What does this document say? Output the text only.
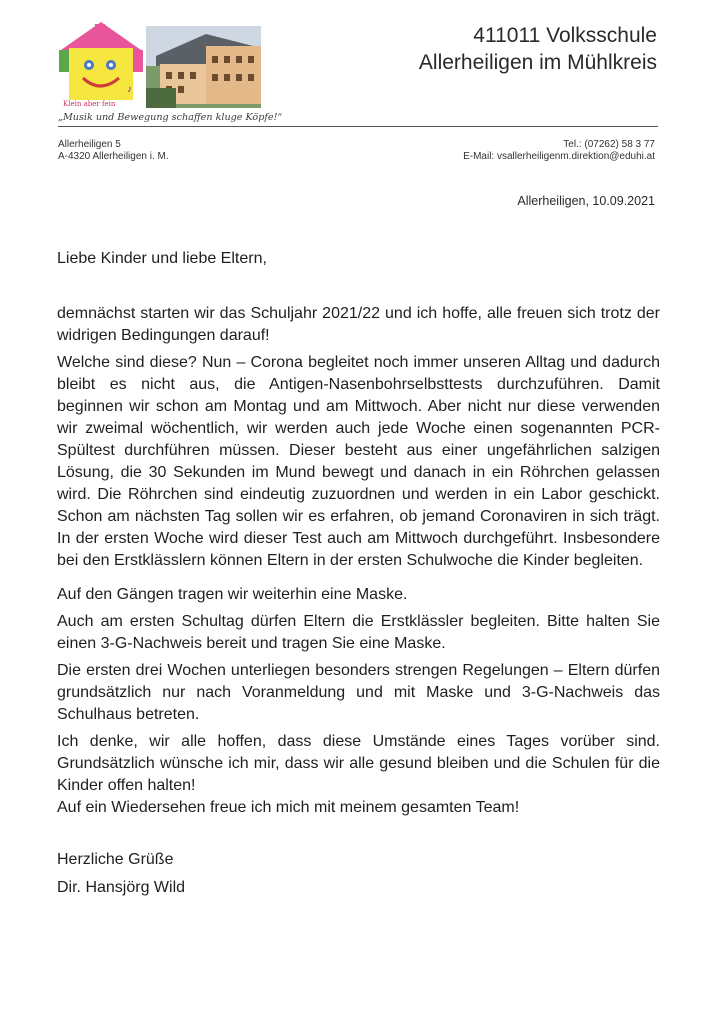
♪
Klein aber fein
„Musik und Bewegung schaffen kluge Köpfe!“
411011 Volksschule
Allerheiligen im Mühlkreis
Allerheiligen 5
A-4320 Allerheiligen i. M.
Tel.: (07262) 58 3 77
E-Mail: vsallerheiligenm.direktion@eduhi.at
Allerheiligen, 10.09.2021
Liebe Kinder und liebe Eltern,
demnächst starten wir das Schuljahr 2021/22 und ich hoffe, alle freuen sich trotz der widrigen Bedingungen darauf!
Welche sind diese? Nun – Corona begleitet noch immer unseren Alltag und dadurch bleibt es nicht aus, die Antigen-Nasenbohrselbsttests durchzuführen. Damit beginnen wir schon am Montag und am Mittwoch. Aber nicht nur diese verwenden wir zweimal wöchentlich, wir werden auch jede Woche einen sogenannten PCR-Spültest durchführen müssen. Dieser besteht aus einer ungefährlichen salzigen Lösung, die 30 Sekunden im Mund bewegt und danach in ein Röhrchen gelassen wird. Die Röhrchen sind eindeutig zuzuordnen und werden in ein Labor geschickt. Schon am nächsten Tag sollen wir es erfahren, ob jemand Coronaviren in sich trägt. In der ersten Woche wird dieser Test auch am Mittwoch durchgeführt. Insbesondere bei den Erstklässlern können Eltern in der ersten Schulwoche die Kinder begleiten.
Auf den Gängen tragen wir weiterhin eine Maske.
Auch am ersten Schultag dürfen Eltern die Erstklässler begleiten. Bitte halten Sie einen 3-G-Nachweis bereit und tragen Sie eine Maske.
Die ersten drei Wochen unterliegen besonders strengen Regelungen – Eltern dürfen grundsätzlich nur nach Voranmeldung und mit Maske und 3-G-Nachweis das Schulhaus betreten.
Ich denke, wir alle hoffen, dass diese Umstände eines Tages vorüber sind. Grundsätzlich wünsche ich mir, dass wir alle gesund bleiben und die Schulen für die Kinder offen halten!
Auf ein Wiedersehen freue ich mich mit meinem gesamten Team!
Herzliche Grüße
Dir. Hansjörg Wild
